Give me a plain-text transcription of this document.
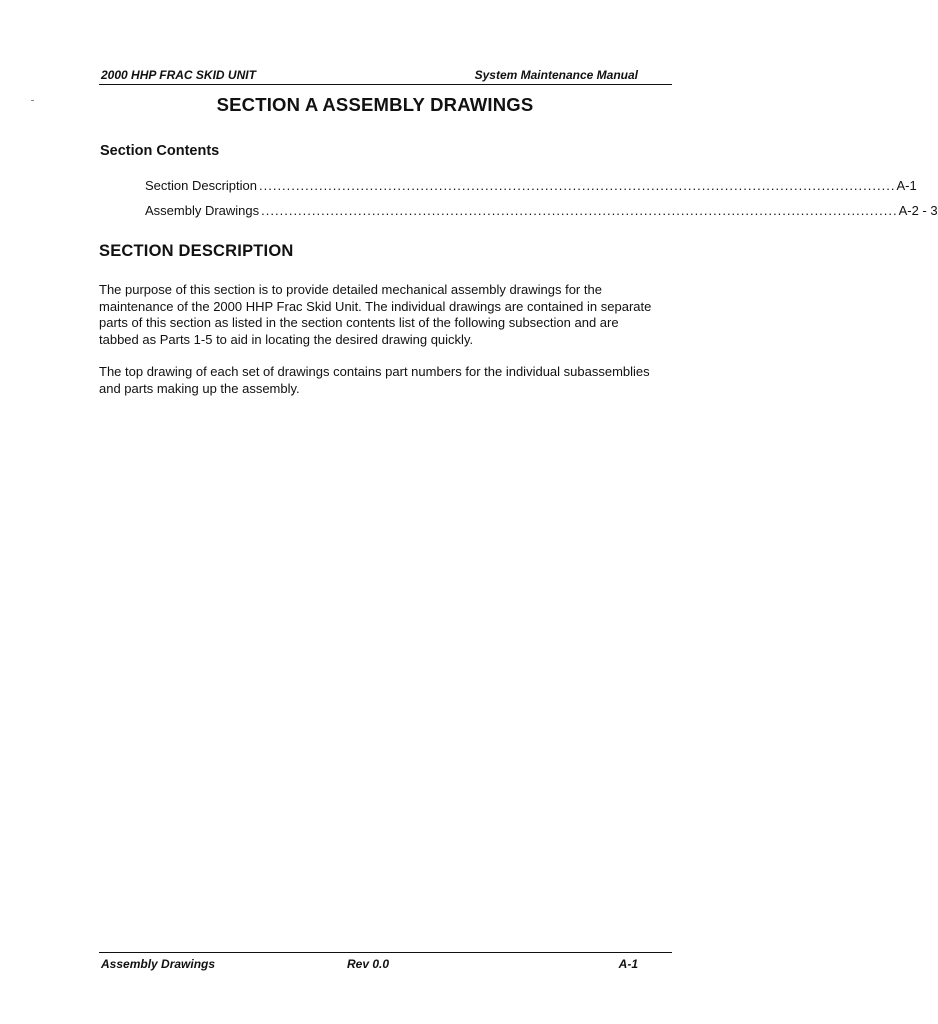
2000 HHP FRAC SKID UNIT	System Maintenance Manual
SECTION A ASSEMBLY DRAWINGS
Section Contents
Section Description .......................................................................................................................................... A-1
Assembly Drawings .......................................................................................................................................... A-2 - 3
SECTION DESCRIPTION
The purpose of this section is to provide detailed mechanical assembly drawings for the maintenance of the 2000 HHP Frac Skid Unit. The individual drawings are contained in separate parts of this section as listed in the section contents list of the following subsection and are tabbed as Parts 1-5 to aid in locating the desired drawing quickly.
The top drawing of each set of drawings contains part numbers for the individual subassemblies and parts making up the assembly.
Assembly Drawings	Rev 0.0	A-1
